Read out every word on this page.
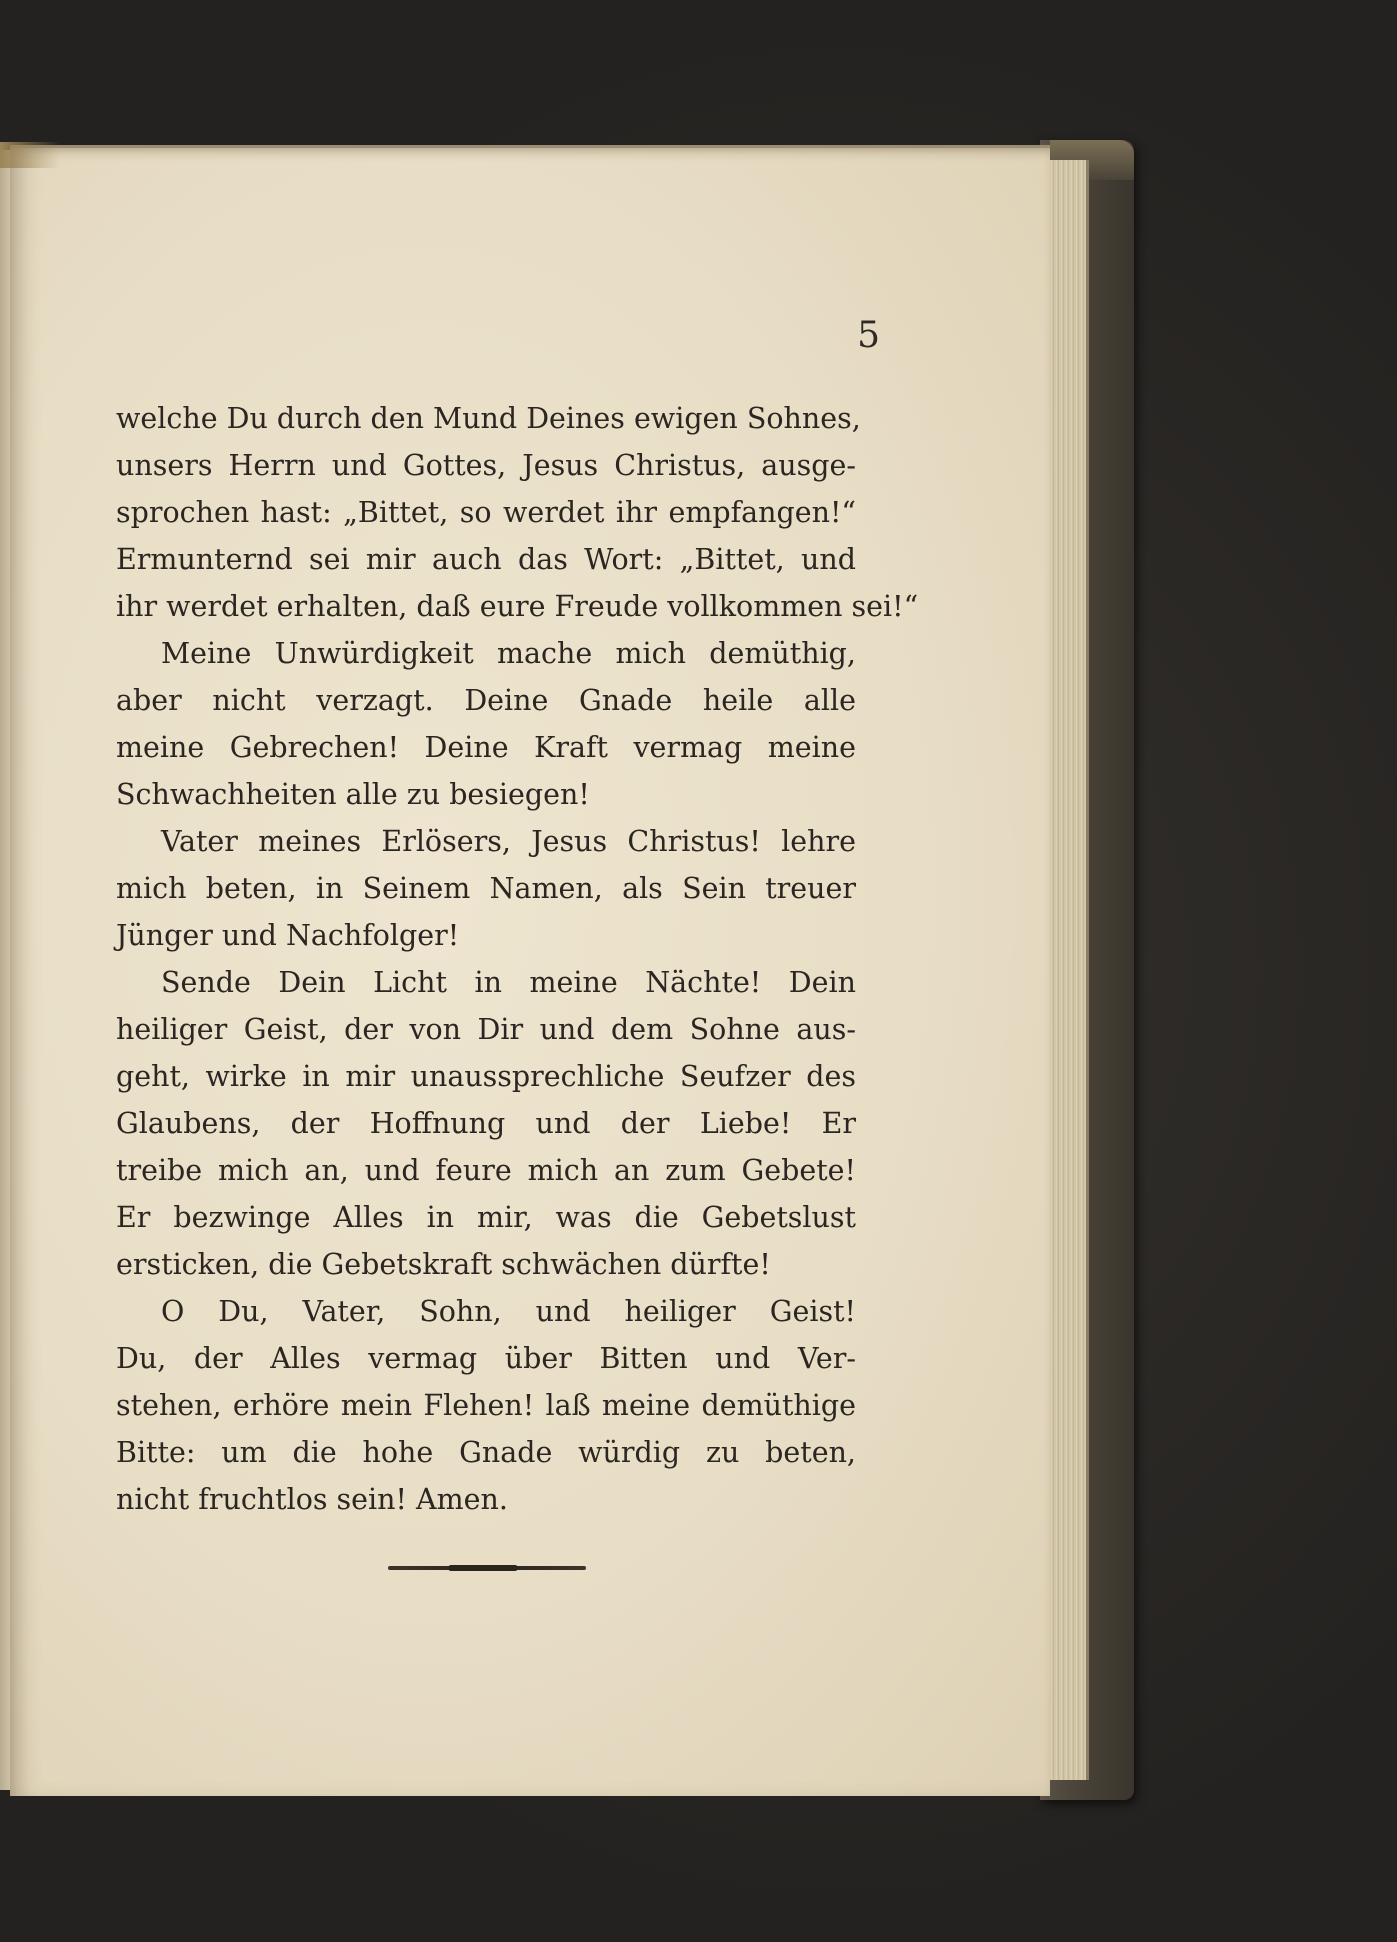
5
welche Du durch den Mund Deines ewigen Sohnes,
unsers Herrn und Gottes, Jesus Christus, ausge-
sprochen hast: „Bittet, so werdet ihr empfangen!“
Ermunternd sei mir auch das Wort: „Bittet, und
ihr werdet erhalten, daß eure Freude vollkommen sei!“
Meine Unwürdigkeit mache mich demüthig,
aber nicht verzagt. Deine Gnade heile alle
meine Gebrechen! Deine Kraft vermag meine
Schwachheiten alle zu besiegen!
Vater meines Erlösers, Jesus Christus! lehre
mich beten, in Seinem Namen, als Sein treuer
Jünger und Nachfolger!
Sende Dein Licht in meine Nächte! Dein
heiliger Geist, der von Dir und dem Sohne aus-
geht, wirke in mir unaussprechliche Seufzer des
Glaubens, der Hoffnung und der Liebe! Er
treibe mich an, und feure mich an zum Gebete!
Er bezwinge Alles in mir, was die Gebetslust
ersticken, die Gebetskraft schwächen dürfte!
O Du, Vater, Sohn, und heiliger Geist!
Du, der Alles vermag über Bitten und Ver-
stehen, erhöre mein Flehen! laß meine demüthige
Bitte: um die hohe Gnade würdig zu beten,
nicht fruchtlos sein! Amen.
